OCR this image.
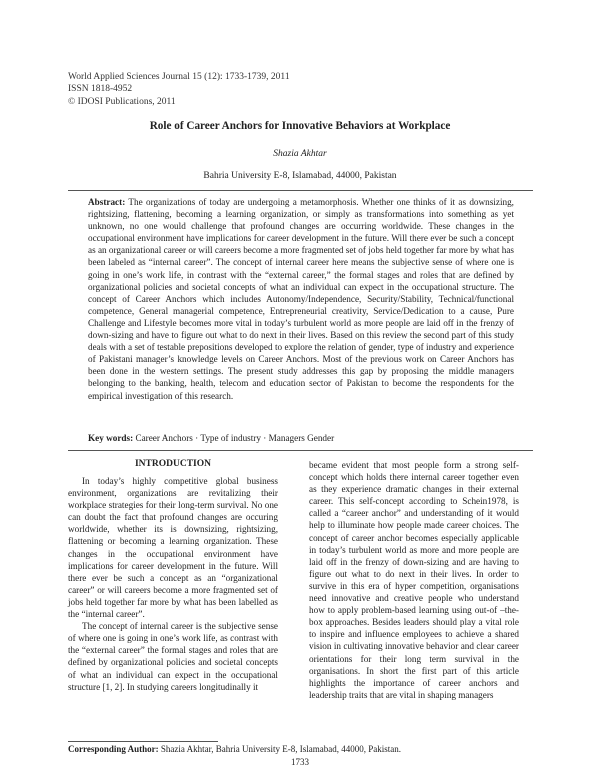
World Applied Sciences Journal 15 (12): 1733-1739, 2011
ISSN 1818-4952
© IDOSI Publications, 2011
Role of Career Anchors for Innovative Behaviors at Workplace
Shazia Akhtar
Bahria University E-8, Islamabad, 44000, Pakistan

Abstract: The organizations of today are undergoing a metamorphosis. Whether one thinks of it as downsizing, rightsizing, flattening, becoming a learning organization, or simply as transformations into something as yet unknown, no one would challenge that profound changes are occurring worldwide. These changes in the occupational environment have implications for career development in the future. Will there ever be such a concept as an organizational career or will careers become a more fragmented set of jobs held together far more by what has been labeled as “internal career”. The concept of internal career here means the subjective sense of where one is going in one’s work life, in contrast with the “external career,” the formal stages and roles that are defined by organizational policies and societal concepts of what an individual can expect in the occupational structure. The concept of Career Anchors which includes Autonomy/Independence, Security/Stability, Technical/functional competence, General managerial competence, Entrepreneurial creativity, Service/Dedication to a cause, Pure Challenge and Lifestyle becomes more vital in today’s turbulent world as more people are laid off in the frenzy of down-sizing and have to figure out what to do next in their lives. Based on this review the second part of this study deals with a set of testable prepositions developed to explore the relation of gender, type of industry and experience of Pakistani manager’s knowledge levels on Career Anchors. Most of the previous work on Career Anchors has been done in the western settings. The present study addresses this gap by proposing the middle managers belonging to the banking, health, telecom and education sector of Pakistan to become the respondents for the empirical investigation of this research.

Key words: Career Anchors · Type of industry · Managers Gender
INTRODUCTION

In today’s highly competitive global business environment, organizations are revitalizing their workplace strategies for their long-term survival. No one can doubt the fact that profound changes are occuring worldwide, whether its is downsizing, rightsizing, flattening or becoming a learning organization. These changes in the occupational environment have implications for career development in the future. Will there ever be such a concept as an “organizational career” or will careers become a more fragmented set of jobs held together far more by what has been labelled as the “internal career”.

The concept of internal career is the subjective sense of where one is going in one’s work life, as contrast with the “external career” the formal stages and roles that are defined by organizational policies and societal concepts of what an individual can expect in the occupational structure [1, 2]. In studying careers longitudinally it

became evident that most people form a strong self-concept which holds there internal career together even as they experience dramatic changes in their external career. This self-concept according to Schein1978, is called a “career anchor” and understanding of it would help to illuminate how people made career choices. The concept of career anchor becomes especially applicable in today’s turbulent world as more and more people are laid off in the frenzy of down-sizing and are having to figure out what to do next in their lives. In order to survive in this era of hyper competition, organisations need innovative and creative people who understand how to apply problem-based learning using out-of –the-box approaches. Besides leaders should play a vital role to inspire and influence employees to achieve a shared vision in cultivating innovative behavior and clear career orientations for their long term survival in the organisations. In short the first part of this article highlights the importance of career anchors and leadership traits that are vital in shaping managers

Corresponding Author: Shazia Akhtar, Bahria University E-8, Islamabad, 44000, Pakistan.
1733
